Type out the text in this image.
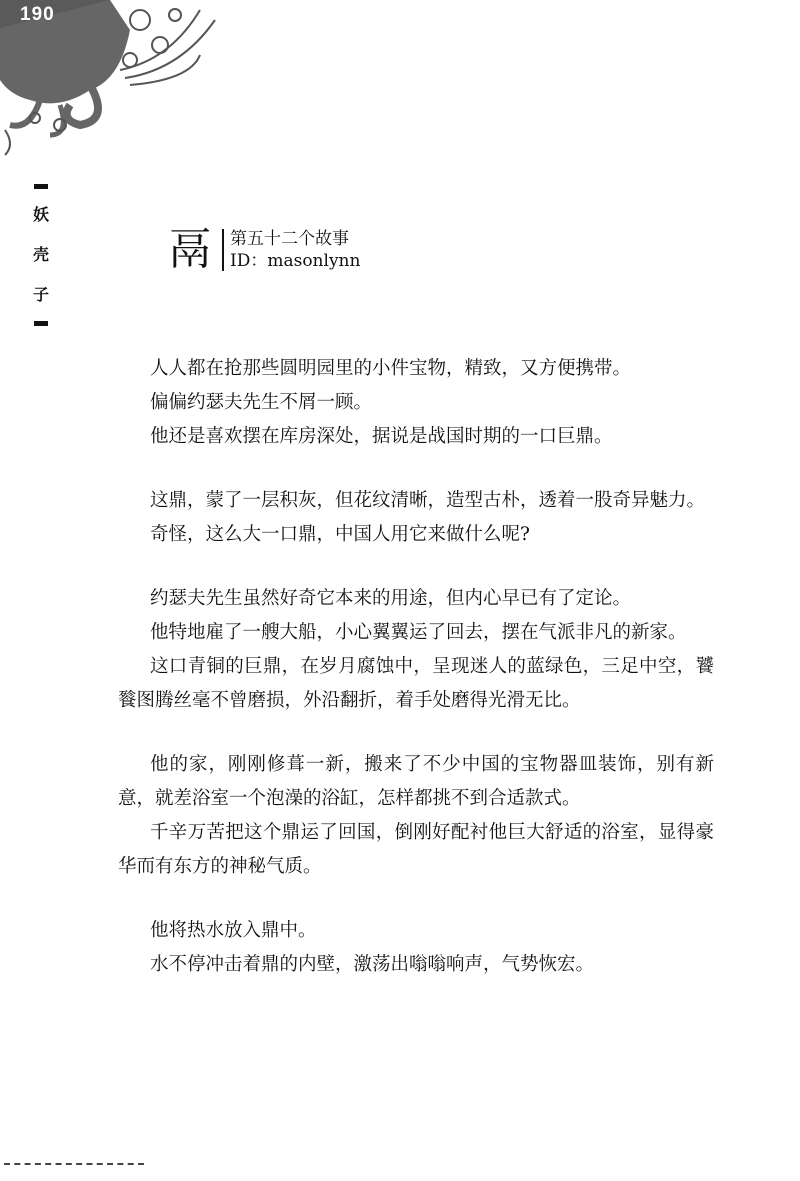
190
妖
壳
子
鬲 第五十二个故事
ID：masonlynn

人人都在抢那些圆明园里的小件宝物，精致，又方便携带。

偏偏约瑟夫先生不屑一顾。

他还是喜欢摆在库房深处，据说是战国时期的一口巨鼎。

这鼎，蒙了一层积灰，但花纹清晰，造型古朴，透着一股奇异魅力。

奇怪，这么大一口鼎，中国人用它来做什么呢?

约瑟夫先生虽然好奇它本来的用途，但内心早已有了定论。

他特地雇了一艘大船，小心翼翼运了回去，摆在气派非凡的新家。

这口青铜的巨鼎，在岁月腐蚀中，呈现迷人的蓝绿色，三足中空，饕餮图腾丝毫不曾磨损，外沿翻折，着手处磨得光滑无比。

他的家，刚刚修葺一新，搬来了不少中国的宝物器皿装饰，别有新意，就差浴室一个泡澡的浴缸，怎样都挑不到合适款式。

千辛万苦把这个鼎运了回国，倒刚好配衬他巨大舒适的浴室，显得豪华而有东方的神秘气质。

他将热水放入鼎中。

水不停冲击着鼎的内壁，激荡出嗡嗡响声，气势恢宏。
